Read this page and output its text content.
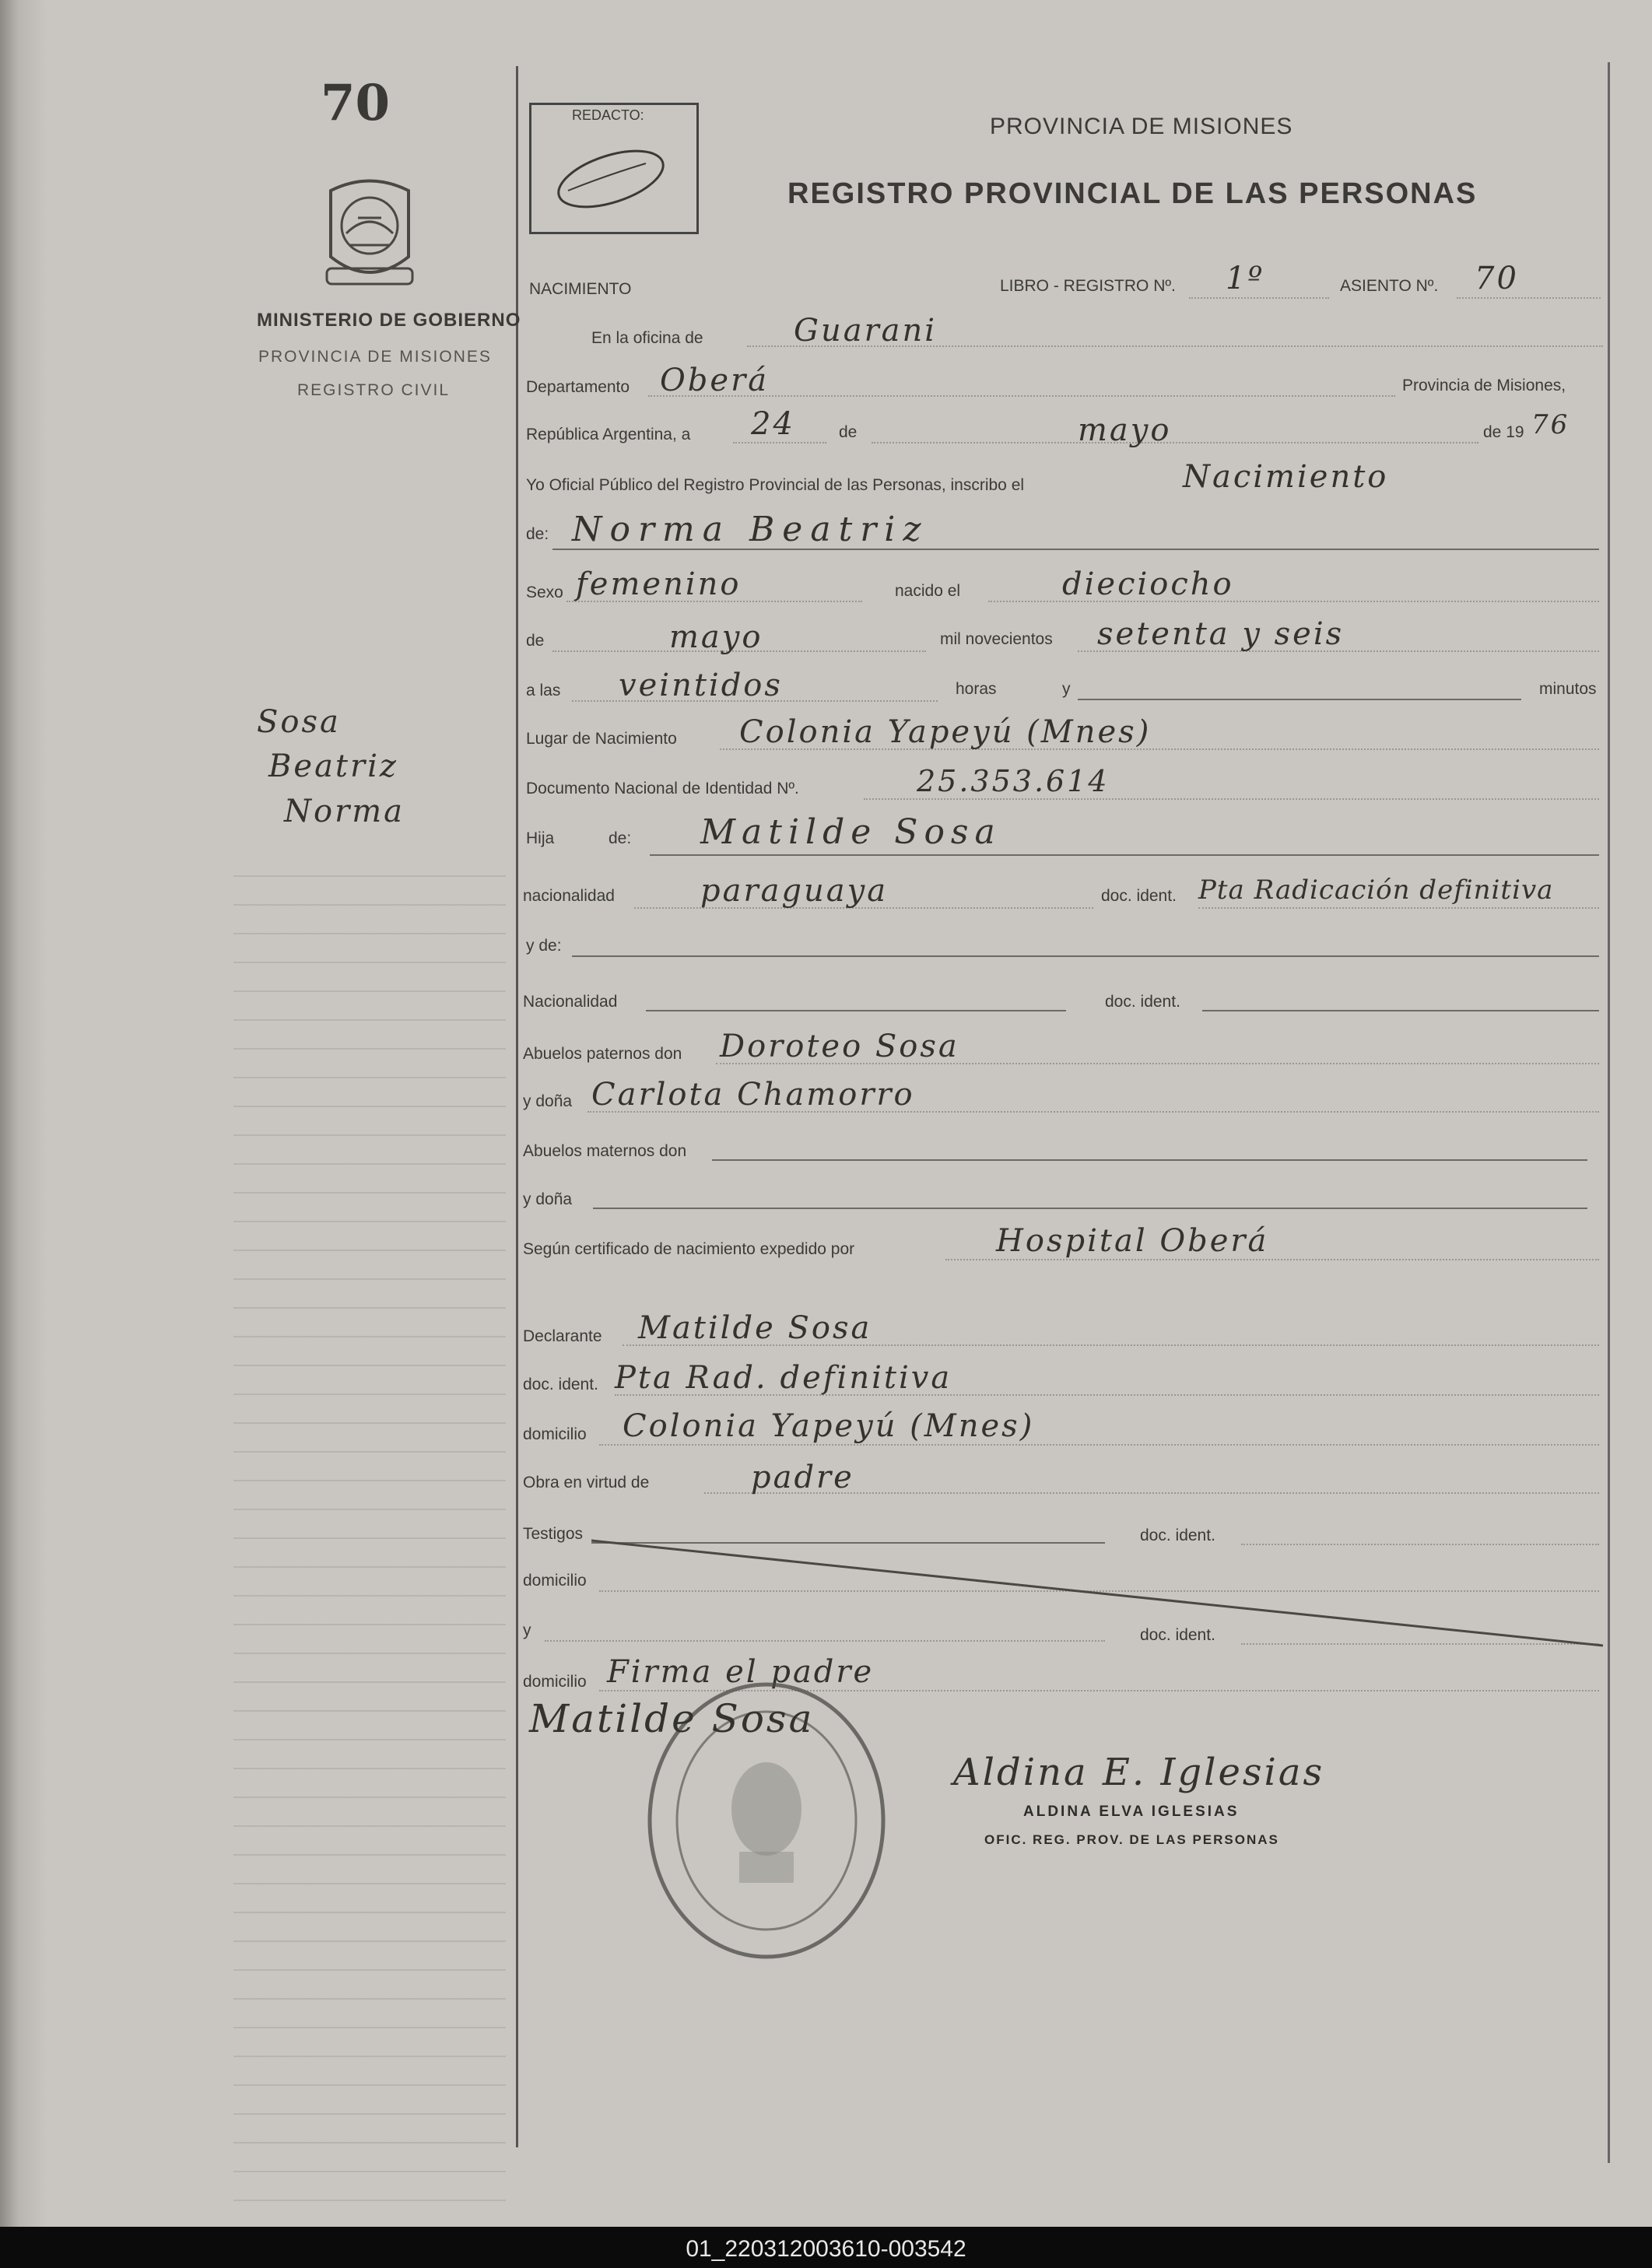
70
MINISTERIO DE GOBIERNO
PROVINCIA DE MISIONES
REGISTRO CIVIL
REDACTO:	PROVINCIA DE MISIONES
REGISTRO PROVINCIAL DE LAS PERSONAS
Sosa
Beatriz
Norma
NACIMIENTO	LIBRO - REGISTRO Nº. 1º	ASIENTO Nº. 70
En la oficina de	Guarani
Departamento Oberá	Provincia de Misiones,
República Argentina, a 24	de	mayo	de 19 76
Yo Oficial Público del Registro Provincial de las Personas, inscribo el	Nacimiento
de: Norma Beatriz
Sexo femenino	nacido el	dieciocho
de	mayo	mil novecientos setenta y seis
a las veintidos	horas	y	minutos
Lugar de Nacimiento Colonia Yapeyú (Mnes)
Documento Nacional de Identidad Nº.	25.353.614
Hija	de: Matilde Sosa
nacionalidad	paraguaya	doc. ident. Pta Radicación definitiva
y de:
Nacionalidad	doc. ident.
Abuelos paternos don Doroteo Sosa
y doña Carlota Chamorro
Abuelos maternos don
y doña
Según certificado de nacimiento expedido por	Hospital Oberá
Declarante Matilde Sosa
doc. ident. Pta Rad. definitiva
domicilio Colonia Yapeyú (Mnes)
Obra en virtud de	padre
Testigos	doc. ident.
domicilio
y	doc. ident.
domicilio Firma el padre
Matilde Sosa
Aldina E. Iglesias
ALDINA ELVA IGLESIAS
OFIC. REG. PROV. DE LAS PERSONAS
01_220312003610-003542
